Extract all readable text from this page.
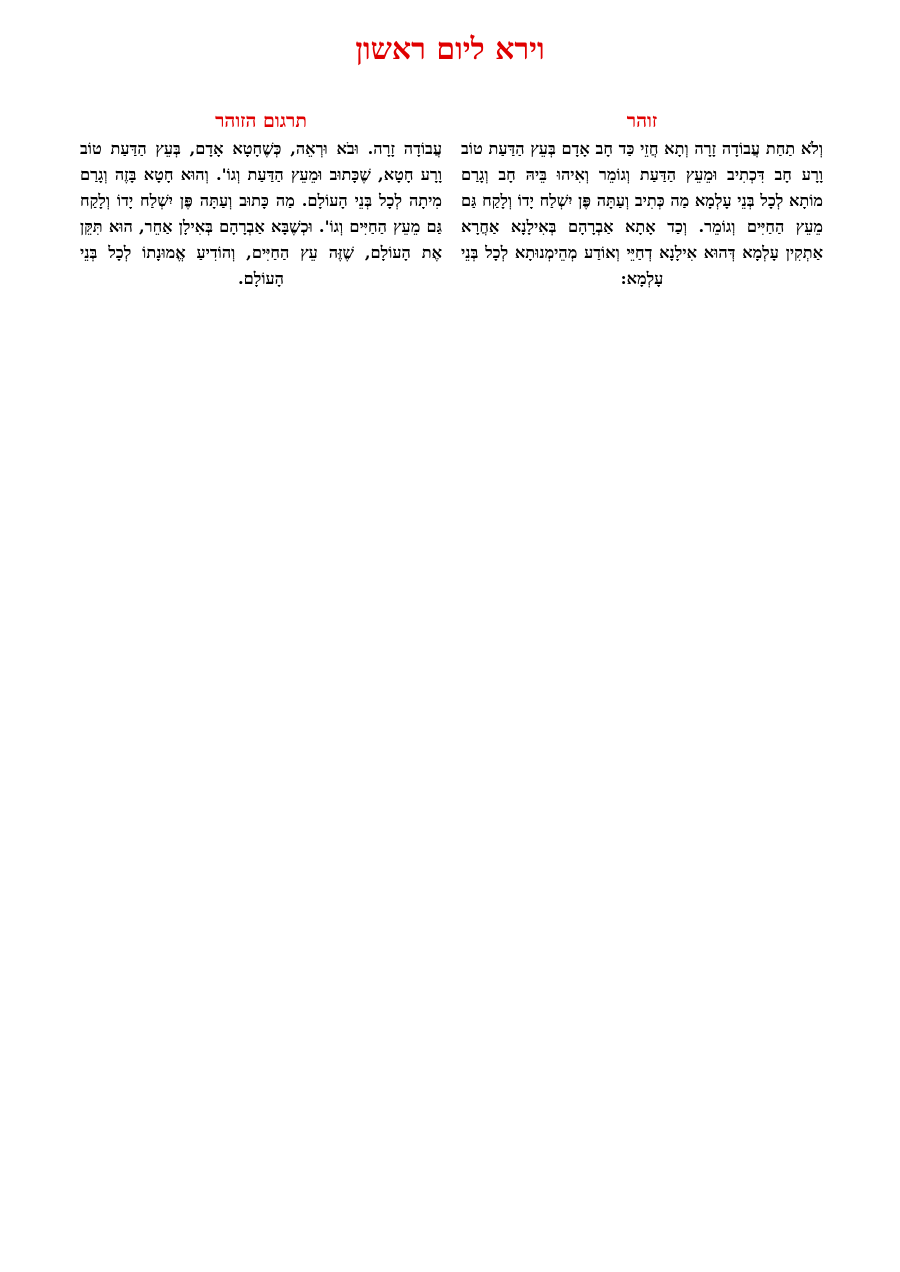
וירא ליום ראשון
זוהר

וְלֹא תַחַת עֲבוֹדָה זָרָה וְתָא חֲזֵי כַּד חָב אָדָם בְּעֵץ הַדַּעַת טוֹב וָרָע חָב דִּכְתִיב וּמֵעֵץ הַדַּעַת וְגוֹמֵר וְאִיהוּ בֵּיהּ חָב וְגָרַם מוֹתָא לְכָל בְּנֵי עָלְמָא מַה כְּתִיב וְעַתָּה פֶּן יִשְׁלַח יָדוֹ וְלָקַח גַּם מֵעֵץ הַחַיִּים וְגוֹמֵר. וְכַד אָתָא אַבְרָהָם בְּאִילָנָא אַחֲרָא אַתְקִין עָלְמָא דְּהוּא אִילָנָא דְחַיֵּי וְאוֹדַע מְהֵימְנוּתָא לְכָל בְּנֵי עָלְמָא:

תרגום הזוהר

עֲבוֹדָה זָרָה. וּבֹא וּרְאֵה, כְּשֶׁחָטָא אָדָם, בְּעֵץ הַדַּעַת טוֹב וָרָע חָטָא, שֶׁכָּתוּב וּמֵעֵץ הַדַּעַת וְגוֹ'. וְהוּא חָטָא בָּזֶה וְגָרַם מִיתָה לְכָל בְּנֵי הָעוֹלָם. מַה כָּתוּב וְעַתָּה פֶּן יִשְׁלַח יָדוֹ וְלָקַח גַּם מֵעֵץ הַחַיִּים וְגוֹ'. וּכְשֶׁבָּא אַבְרָהָם בְּאִילָן אַחֵר, הוּא תִּקֵּן אֶת הָעוֹלָם, שֶׁזֶּה עֵץ הַחַיִּים, וְהוֹדִיעַ אֱמוּנָתוֹ לְכָל בְּנֵי הָעוֹלָם.
